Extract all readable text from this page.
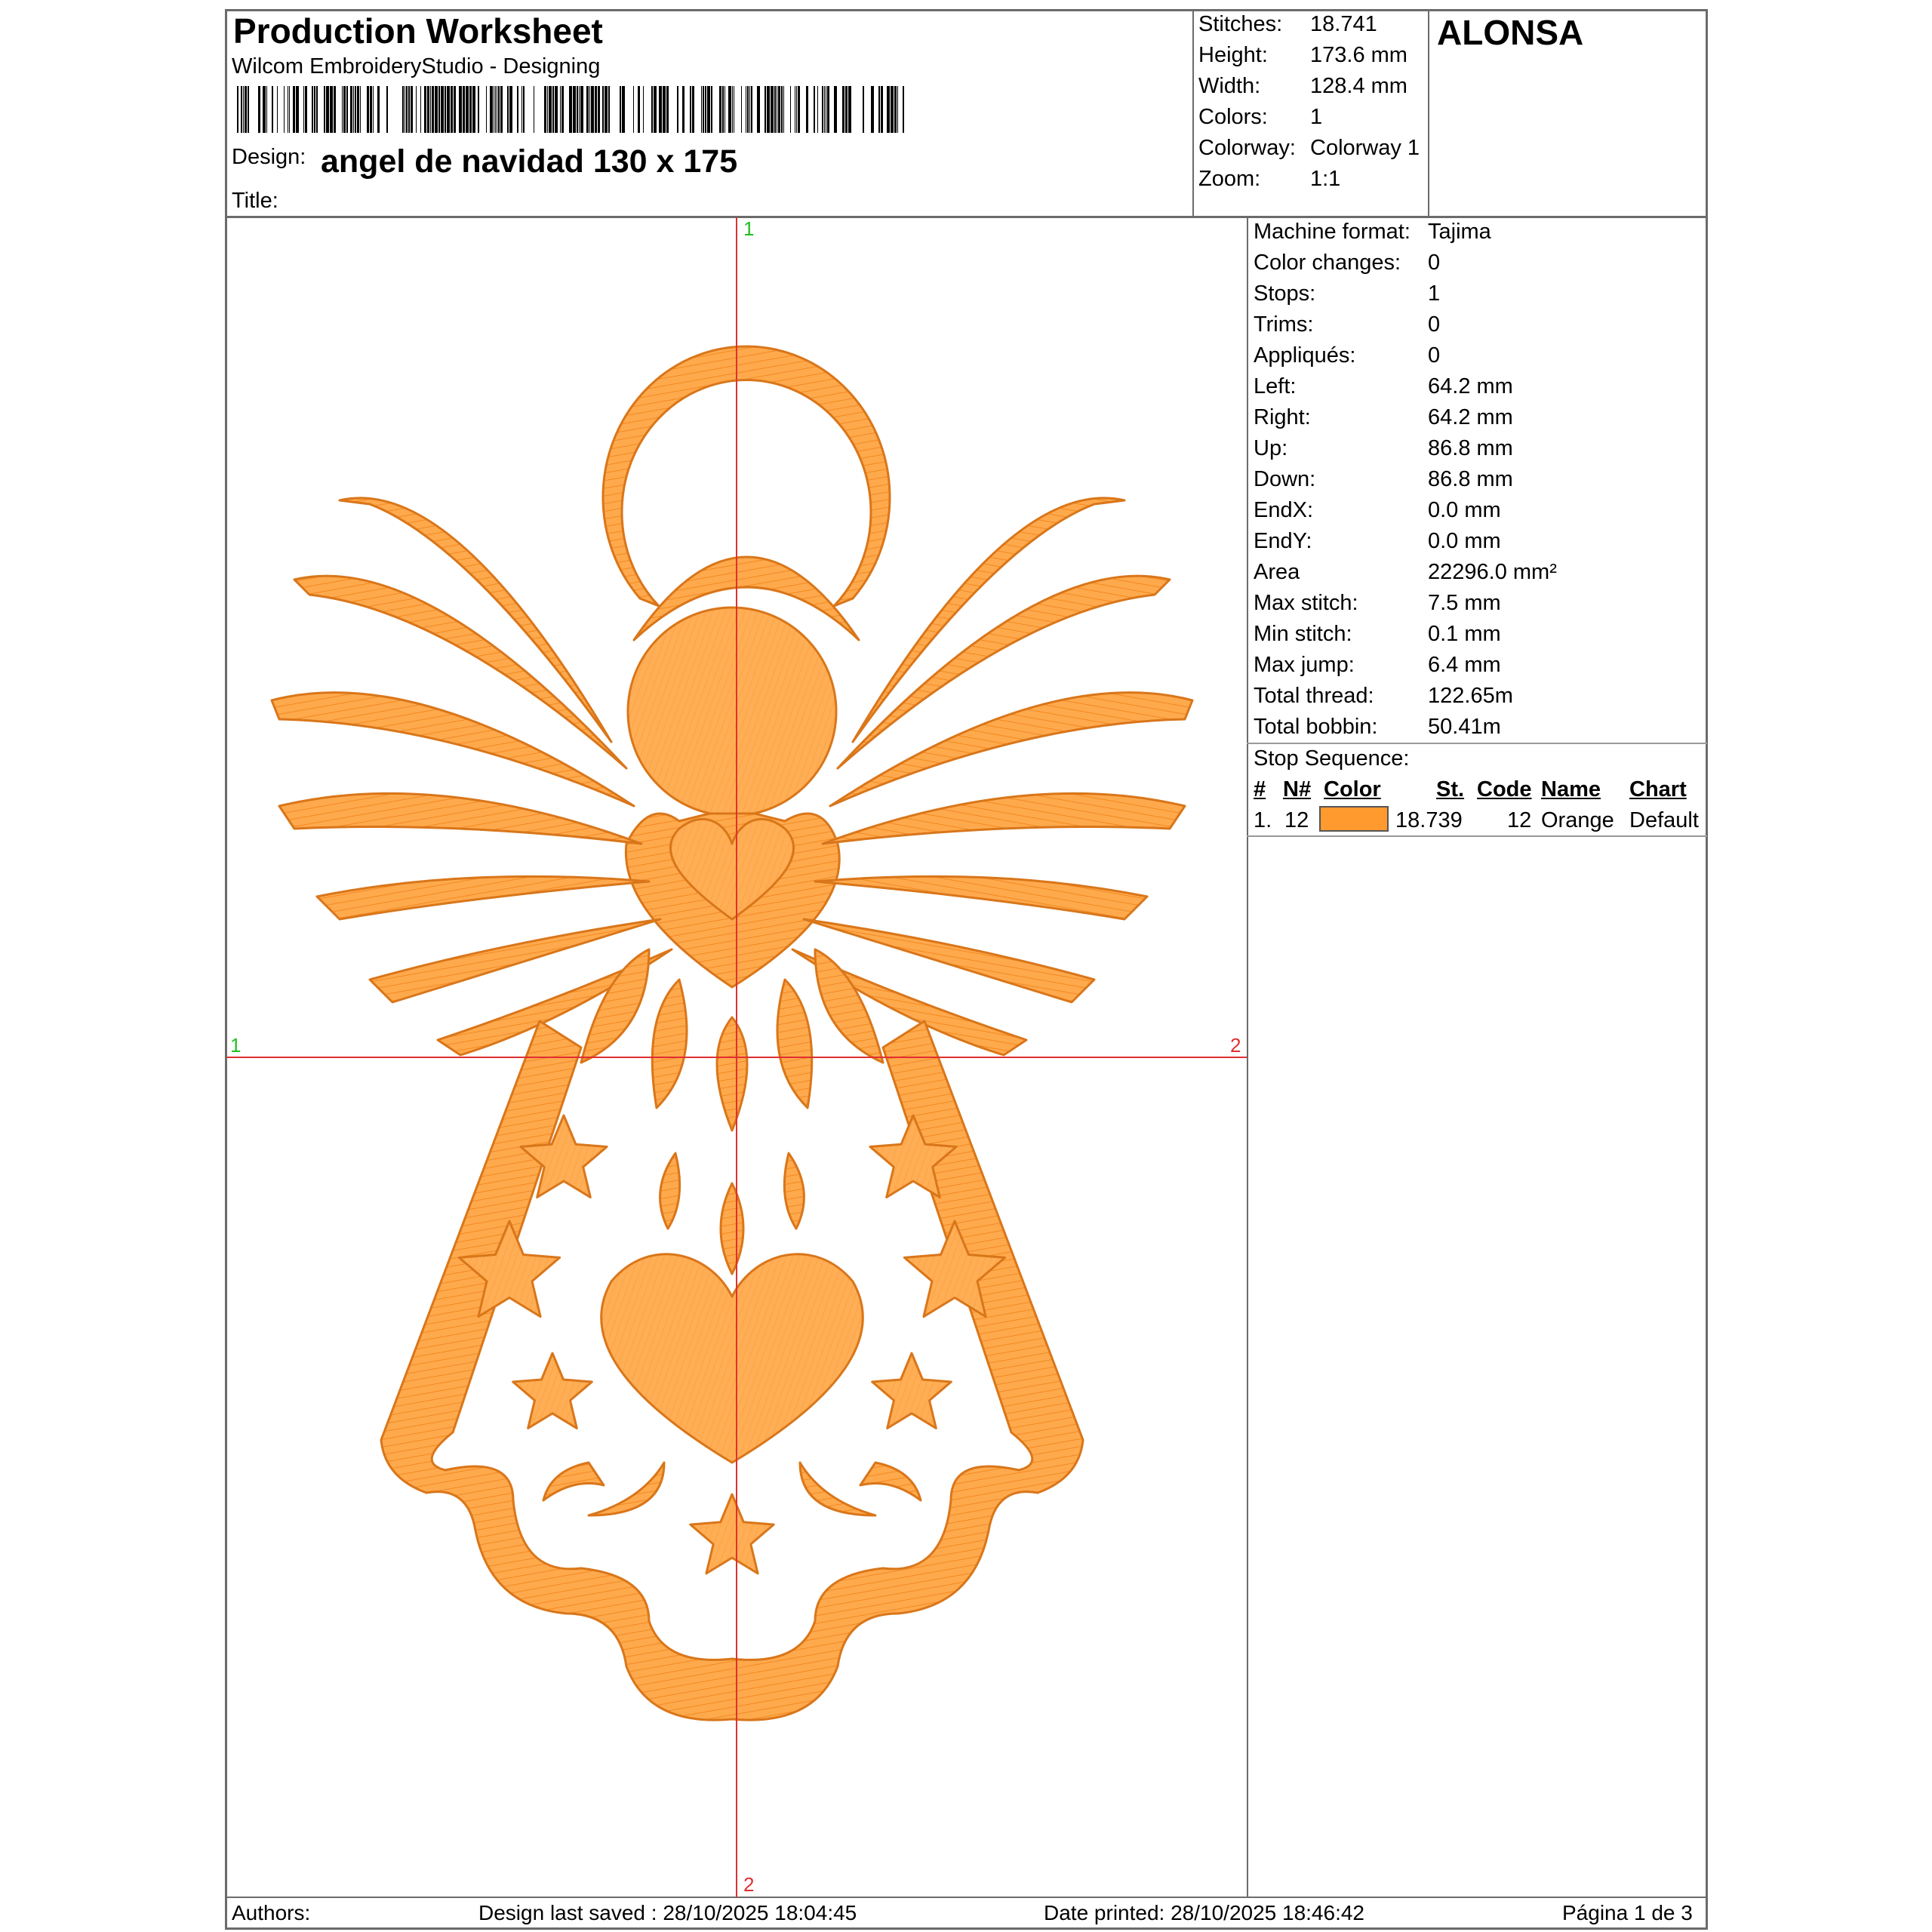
Production Worksheet
Wilcom EmbroideryStudio - Designing
Design: angel de navidad 130 x 175
Title:
Stitches: 18.741
Height: 173.6 mm
Width: 128.4 mm
Colors: 1
Colorway: Colorway 1
Zoom: 1:1
ALONSA
1
1	2
2
Machine format: Tajima
Color changes: 0
Stops:	1
Trims:	0
Appliqués:	0
Left:	64.2 mm
Right:	64.2 mm
Up:	86.8 mm
Down:	86.8 mm
EndX:	0.0 mm
EndY:	0.0 mm
Area	22296.0 mm²
Max stitch:	7.5 mm
Min stitch:	0.1 mm
Max jump:	6.4 mm
Total thread: 122.65m
Total bobbin: 50.41m
Stop Sequence:
# N# Color	St. Code Name Chart
1. 12	18.739 12 Orange Default
Authors:	Design last saved : 28/10/2025 18:04:45	Date printed: 28/10/2025 18:46:42	Página 1 de 3
